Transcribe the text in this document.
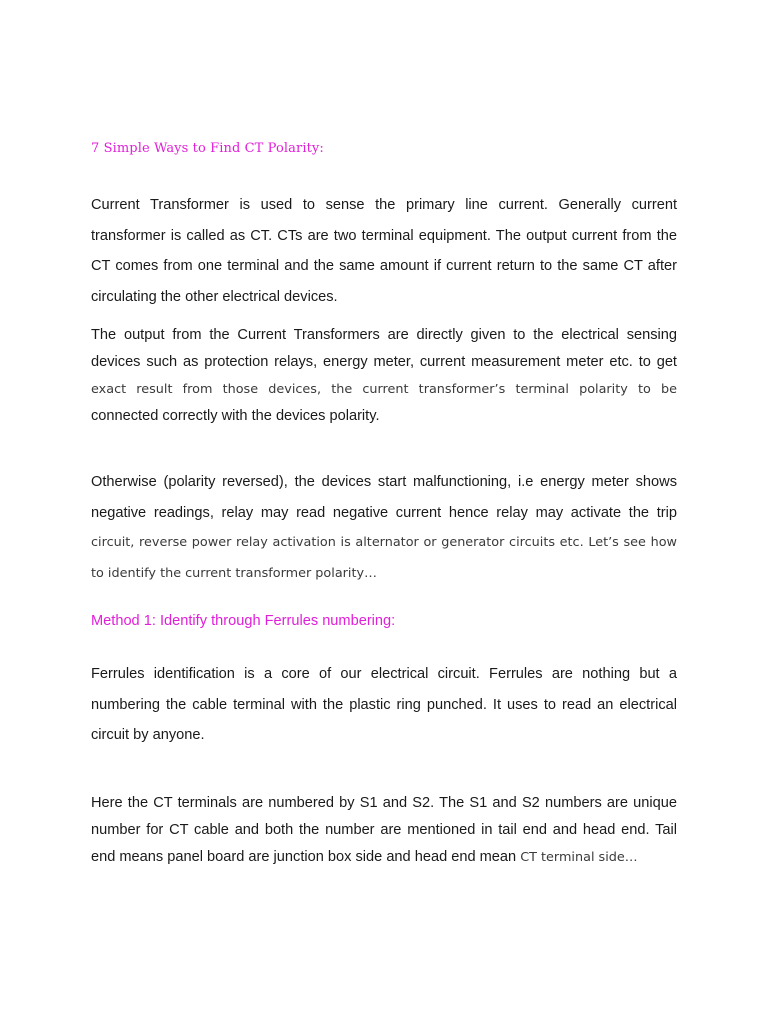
7 Simple Ways to Find CT Polarity:

Current Transformer is used to sense the primary line current. Generally current
transformer is called as CT. CTs are two terminal equipment. The output current from the
CT comes from one terminal and the same amount if current return to the same CT after
circulating the other electrical devices.

The output from the Current Transformers are directly given to the electrical sensing
devices such as protection relays, energy meter, current measurement meter etc. to get
exact result from those devices, the current transformer’s terminal polarity to be
connected correctly with the devices polarity.

Otherwise (polarity reversed), the devices start malfunctioning, i.e energy meter shows
negative readings, relay may read negative current hence relay may activate the trip
circuit, reverse power relay activation is alternator or generator circuits etc. Let’s see how
to identify the current transformer polarity…

Method 1: Identify through Ferrules numbering:

Ferrules identification is a core of our electrical circuit. Ferrules are nothing but a
numbering the cable terminal with the plastic ring punched. It uses to read an electrical
circuit by anyone.

Here the CT terminals are numbered by S1 and S2. The S1 and S2 numbers are unique
number for CT cable and both the number are mentioned in tail end and head end. Tail
end means panel board are junction box side and head end mean CT terminal side…
